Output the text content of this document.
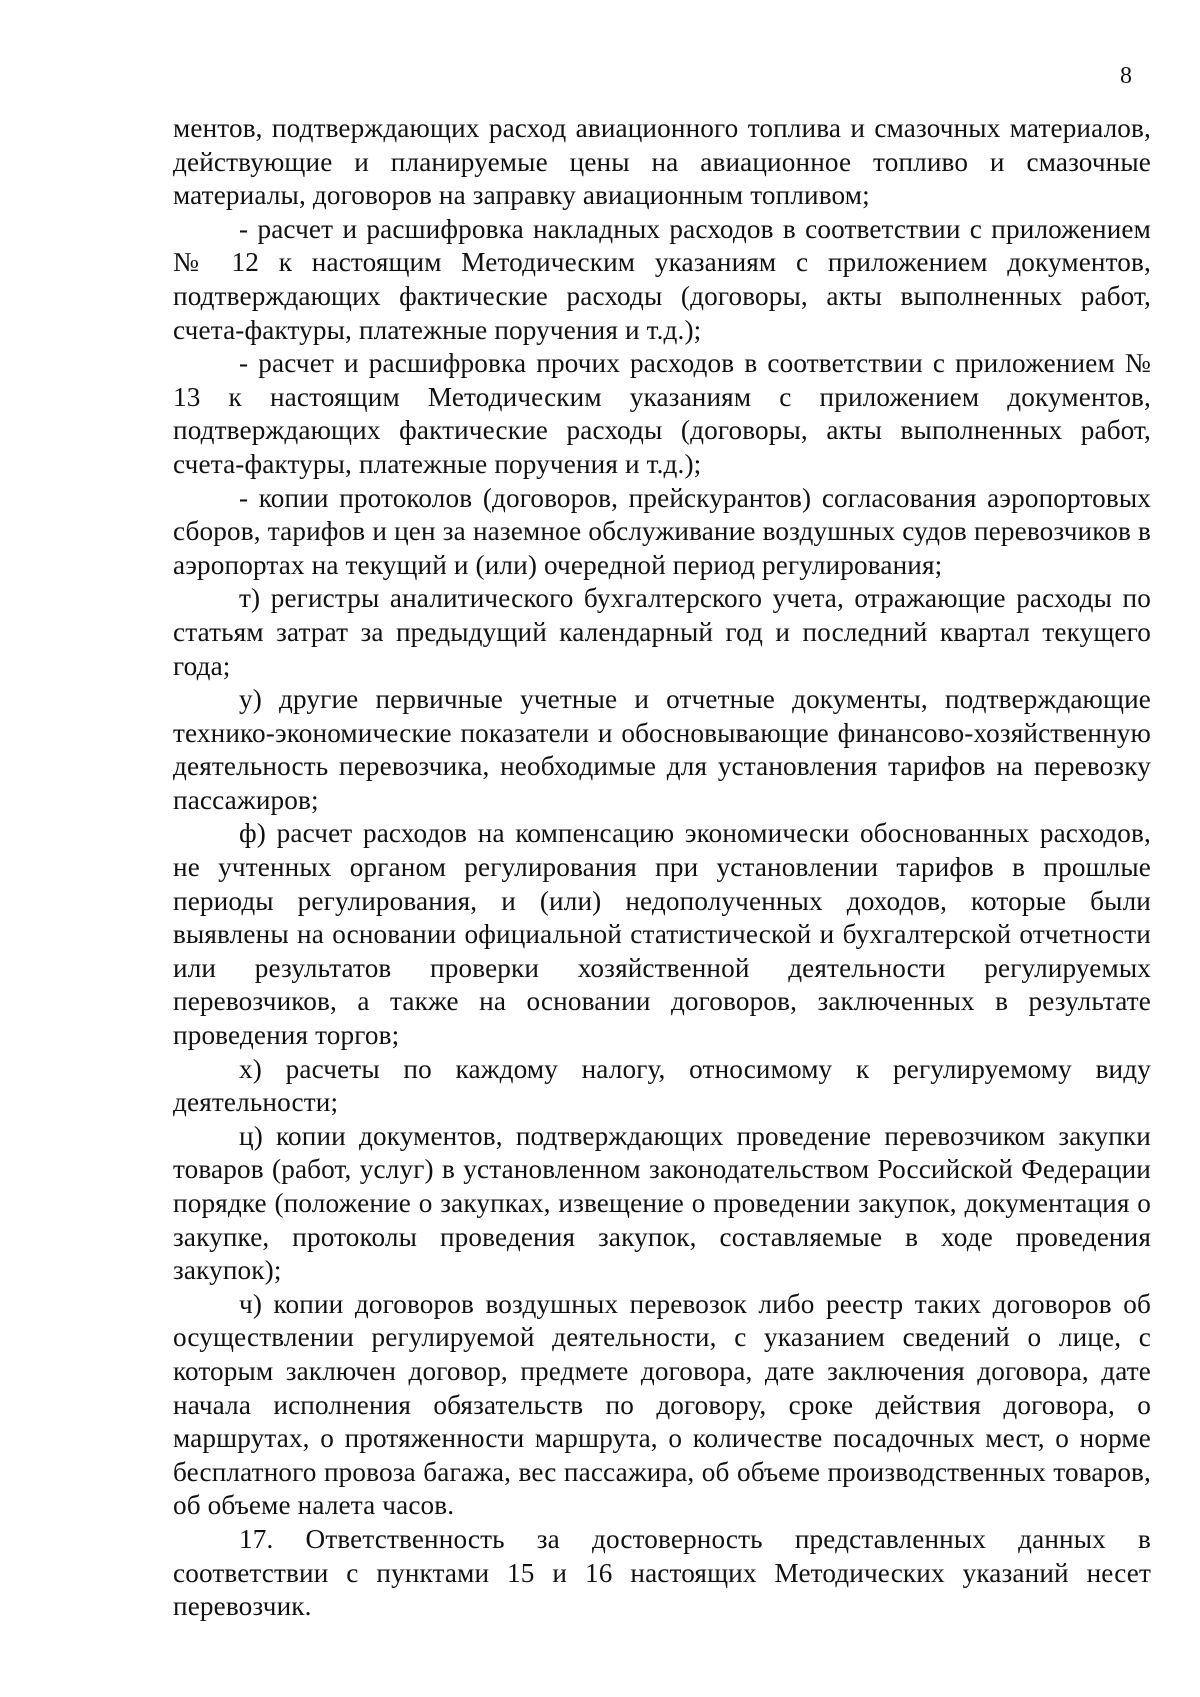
8

ментов, подтверждающих расход авиационного топлива и смазочных материалов, действующие и планируемые цены на авиационное топливо и смазочные материалы, договоров на заправку авиационным топливом;

- расчет и расшифровка накладных расходов в соответствии с приложением № 12 к настоящим Методическим указаниям с приложением документов, подтверждающих фактические расходы (договоры, акты выполненных работ, счета-фактуры, платежные поручения и т.д.);

- расчет и расшифровка прочих расходов в соответствии с приложением № 13 к настоящим Методическим указаниям с приложением документов, подтверждающих фактические расходы (договоры, акты выполненных работ, счета-фактуры, платежные поручения и т.д.);

- копии протоколов (договоров, прейскурантов) согласования аэропортовых сборов, тарифов и цен за наземное обслуживание воздушных судов перевозчиков в аэропортах на текущий и (или) очередной период регулирования;

т) регистры аналитического бухгалтерского учета, отражающие расходы по статьям затрат за предыдущий календарный год и последний квартал текущего года;

у) другие первичные учетные и отчетные документы, подтверждающие технико-экономические показатели и обосновывающие финансово-хозяйственную деятельность перевозчика, необходимые для установления тарифов на перевозку пассажиров;

ф) расчет расходов на компенсацию экономически обоснованных расходов, не учтенных органом регулирования при установлении тарифов в прошлые периоды регулирования, и (или) недополученных доходов, которые были выявлены на основании официальной статистической и бухгалтерской отчетности или результатов проверки хозяйственной деятельности регулируемых перевозчиков, а также на основании договоров, заключенных в результате проведения торгов;

х) расчеты по каждому налогу, относимому к регулируемому виду деятельности;

ц) копии документов, подтверждающих проведение перевозчиком закупки товаров (работ, услуг) в установленном законодательством Российской Федерации порядке (положение о закупках, извещение о проведении закупок, документация о закупке, протоколы проведения закупок, составляемые в ходе проведения закупок);

ч) копии договоров воздушных перевозок либо реестр таких договоров об осуществлении регулируемой деятельности, с указанием сведений о лице, с которым заключен договор, предмете договора, дате заключения договора, дате начала исполнения обязательств по договору, сроке действия договора, о маршрутах, о протяженности маршрута, о количестве посадочных мест, о норме бесплатного провоза багажа, вес пассажира, об объеме производственных товаров, об объеме налета часов.

17. Ответственность за достоверность представленных данных в соответствии с пунктами 15 и 16 настоящих Методических указаний несет перевозчик.
